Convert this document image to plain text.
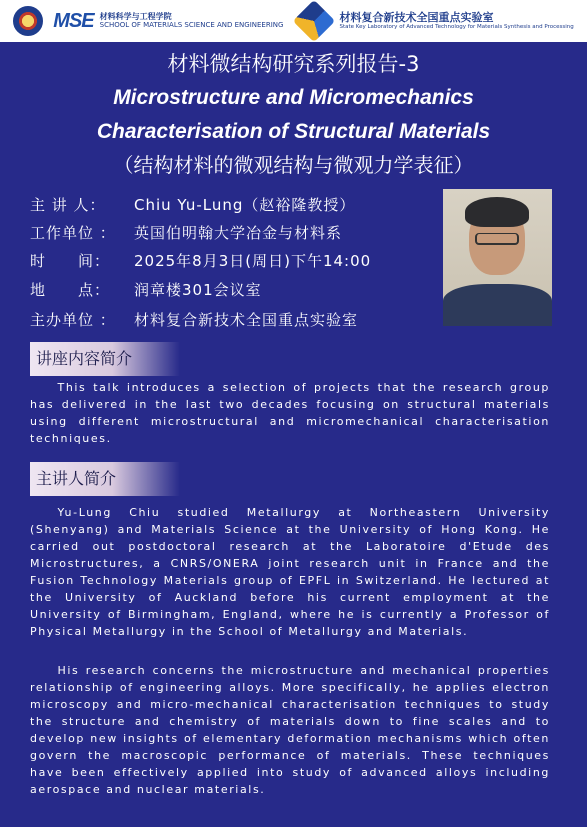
MSE 材料科学与工程学院
SCHOOL OF MATERIALS SCIENCE AND ENGINEERING
材料复合新技术全国重点实验室
State Key Laboratory of Advanced Technology for Materials Synthesis and Processing
材料微结构研究系列报告-3
Microstructure and Micromechanics
Characterisation of Structural Materials
（结构材料的微观结构与微观力学表征）
主 讲 人： Chiu Yu-Lung（赵裕隆教授）
工作单位 ： 英国伯明翰大学冶金与材料系
时　　间： 2025年8月3日(周日)下午14:00
地　　点： 润章楼301会议室
主办单位 ： 材料复合新技术全国重点实验室
讲座内容简介
This talk introduces a selection of projects that the research group has delivered in the last two decades focusing on structural materials using different microstructural and micromechanical characterisation techniques.
主讲人简介
Yu-Lung Chiu studied Metallurgy at Northeastern University (Shenyang) and Materials Science at the University of Hong Kong. He carried out postdoctoral research at the Laboratoire d'Etude des Microstructures, a CNRS/ONERA joint research unit in France and the Fusion Technology Materials group of EPFL in Switzerland. He lectured at the University of Auckland before his current employment at the University of Birmingham, England, where he is currently a Professor of Physical Metallurgy in the School of Metallurgy and Materials.
His research concerns the microstructure and mechanical properties relationship of engineering alloys. More specifically, he applies electron microscopy and micro-mechanical characterisation techniques to study the structure and chemistry of materials down to fine scales and to develop new insights of elementary deformation mechanisms which often govern the macroscopic performance of materials. These techniques have been effectively applied into study of advanced alloys including aerospace and nuclear materials.
